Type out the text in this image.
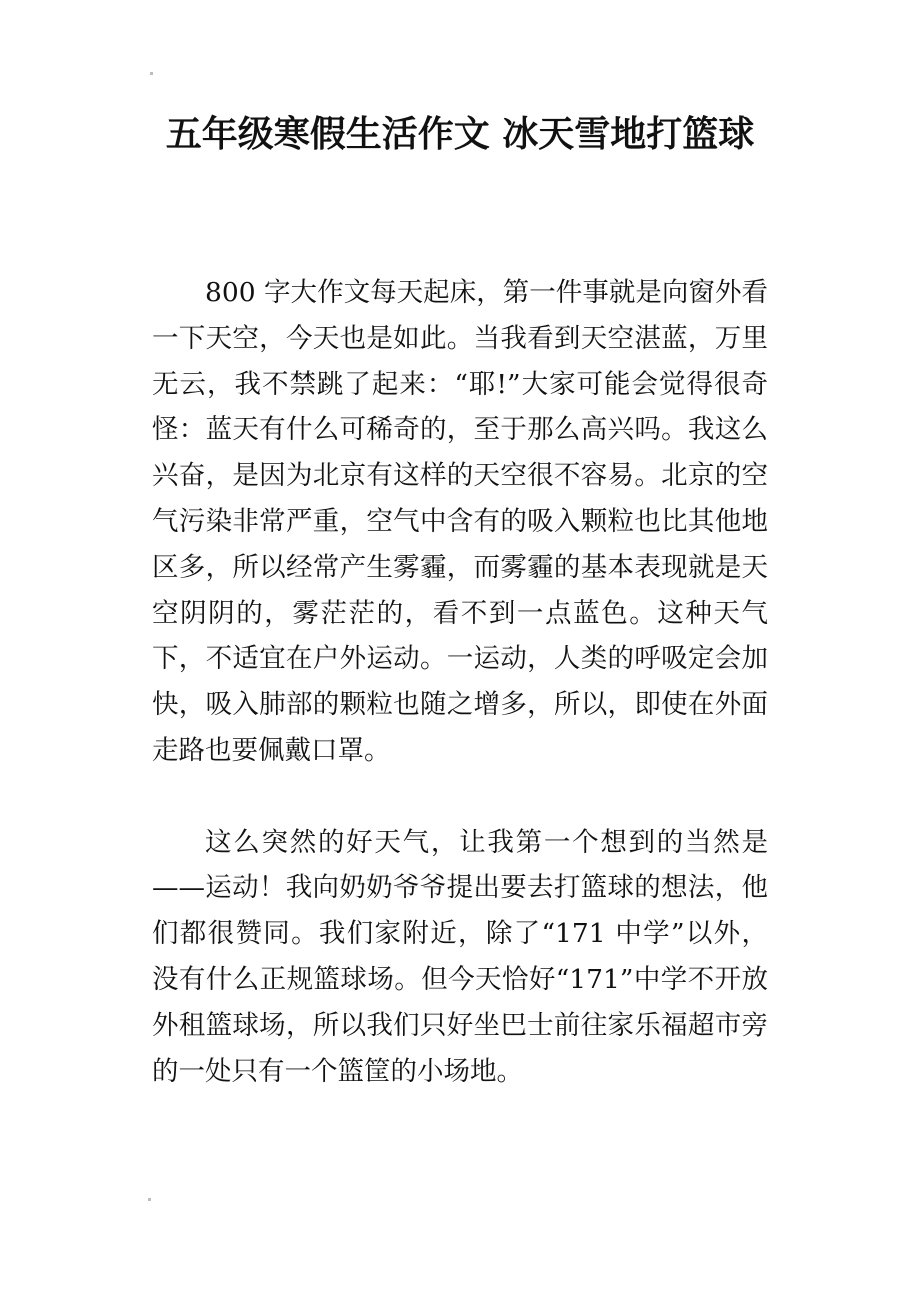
五年级寒假生活作文 冰天雪地打篮球

800 字大作文每天起床，第一件事就是向窗外看一下天空，今天也是如此。当我看到天空湛蓝，万里无云，我不禁跳了起来：“耶!”大家可能会觉得很奇怪：蓝天有什么可稀奇的，至于那么高兴吗。我这么兴奋，是因为北京有这样的天空很不容易。北京的空气污染非常严重，空气中含有的吸入颗粒也比其他地区多，所以经常产生雾霾，而雾霾的基本表现就是天空阴阴的，雾茫茫的，看不到一点蓝色。这种天气下，不适宜在户外运动。一运动，人类的呼吸定会加快，吸入肺部的颗粒也随之增多，所以，即使在外面走路也要佩戴口罩。

这么突然的好天气，让我第一个想到的当然是——运动！我向奶奶爷爷提出要去打篮球的想法，他们都很赞同。我们家附近，除了“171 中学”以外，没有什么正规篮球场。但今天恰好“171”中学不开放外租篮球场，所以我们只好坐巴士前往家乐福超市旁的一处只有一个篮筐的小场地。
